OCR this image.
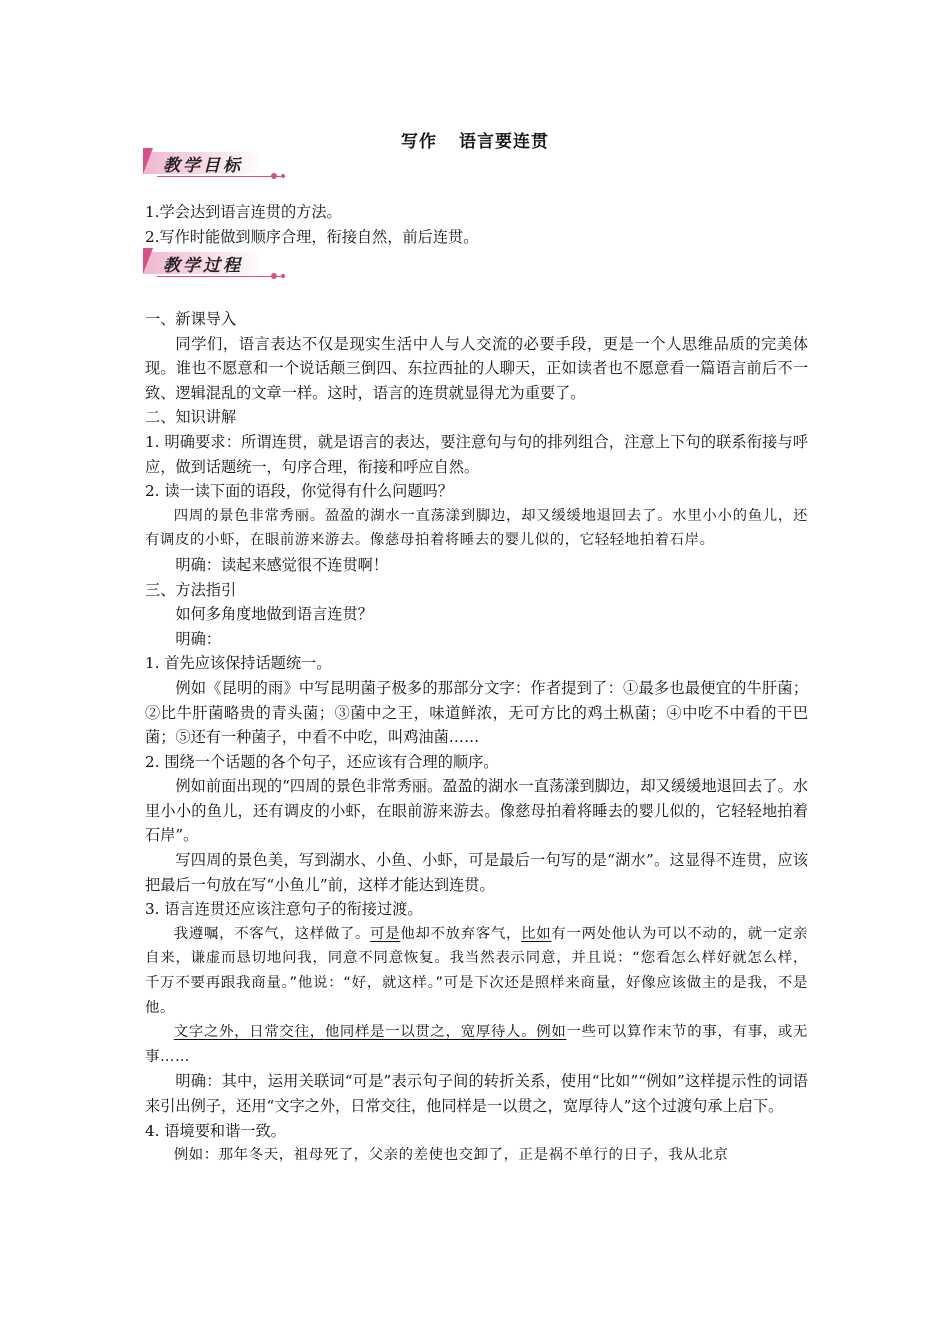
写作 语言要连贯
教学目标

1.学会达到语言连贯的方法。

2.写作时能做到顺序合理，衔接自然，前后连贯。

教学过程

一、新课导入

同学们，语言表达不仅是现实生活中人与人交流的必要手段，更是一个人思维品质的完美体现。谁也不愿意和一个说话颠三倒四、东拉西扯的人聊天，正如读者也不愿意看一篇语言前后不一致、逻辑混乱的文章一样。这时，语言的连贯就显得尤为重要了。

二、知识讲解

1. 明确要求：所谓连贯，就是语言的表达，要注意句与句的排列组合，注意上下句的联系衔接与呼应，做到话题统一，句序合理，衔接和呼应自然。

2. 读一读下面的语段，你觉得有什么问题吗？

四周的景色非常秀丽。盈盈的湖水一直荡漾到脚边，却又缓缓地退回去了。水里小小的鱼儿，还有调皮的小虾，在眼前游来游去。像慈母拍着将睡去的婴儿似的，它轻轻地拍着石岸。

明确：读起来感觉很不连贯啊！

三、方法指引

如何多角度地做到语言连贯？

明确：

1. 首先应该保持话题统一。

例如《昆明的雨》中写昆明菌子极多的那部分文字：作者提到了：①最多也最便宜的牛肝菌；②比牛肝菌略贵的青头菌；③菌中之王，味道鲜浓，无可方比的鸡土枞菌；④中吃不中看的干巴菌；⑤还有一种菌子，中看不中吃，叫鸡油菌……

2. 围绕一个话题的各个句子，还应该有合理的顺序。

例如前面出现的“四周的景色非常秀丽。盈盈的湖水一直荡漾到脚边，却又缓缓地退回去了。水里小小的鱼儿，还有调皮的小虾，在眼前游来游去。像慈母拍着将睡去的婴儿似的，它轻轻地拍着石岸”。

写四周的景色美，写到湖水、小鱼、小虾，可是最后一句写的是“湖水”。这显得不连贯，应该把最后一句放在写“小鱼儿”前，这样才能达到连贯。

3. 语言连贯还应该注意句子的衔接过渡。

我遵嘱，不客气，这样做了。可是他却不放弃客气，比如有一两处他认为可以不动的，就一定亲自来，谦虚而恳切地问我，同意不同意恢复。我当然表示同意，并且说：“您看怎么样好就怎么样，千万不要再跟我商量。”他说：“好，就这样。”可是下次还是照样来商量，好像应该做主的是我，不是他。

文字之外，日常交往，他同样是一以贯之，宽厚待人。例如一些可以算作末节的事，有事，或无事……

明确：其中，运用关联词“可是”表示句子间的转折关系，使用“比如”“例如”这样提示性的词语来引出例子，还用“文字之外，日常交往，他同样是一以贯之，宽厚待人”这个过渡句承上启下。

4. 语境要和谐一致。

例如：那年冬天，祖母死了，父亲的差使也交卸了，正是祸不单行的日子，我从北京
